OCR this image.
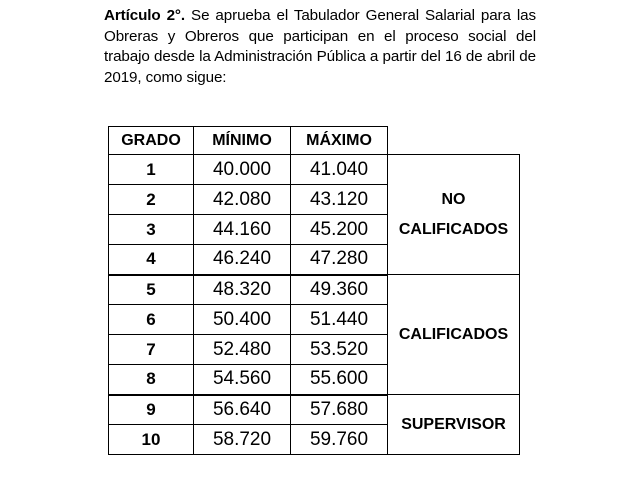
Artículo 2°. Se aprueba el Tabulador General Salarial para las Obreras y Obreros que participan en el proceso social del trabajo desde la Administración Pública a partir del 16 de abril de 2019, como sigue:

GRADO	MÍNIMO	MÁXIMO	
1	40.000	41.040	NO
CALIFICADOS
2	42.080	43.120	
3	44.160	45.200	
4	46.240	47.280	
5	48.320	49.360	CALIFICADOS
6	50.400	51.440	
7	52.480	53.520	
8	54.560	55.600	
9	56.640	57.680	SUPERVISOR
10	58.720	59.760	
